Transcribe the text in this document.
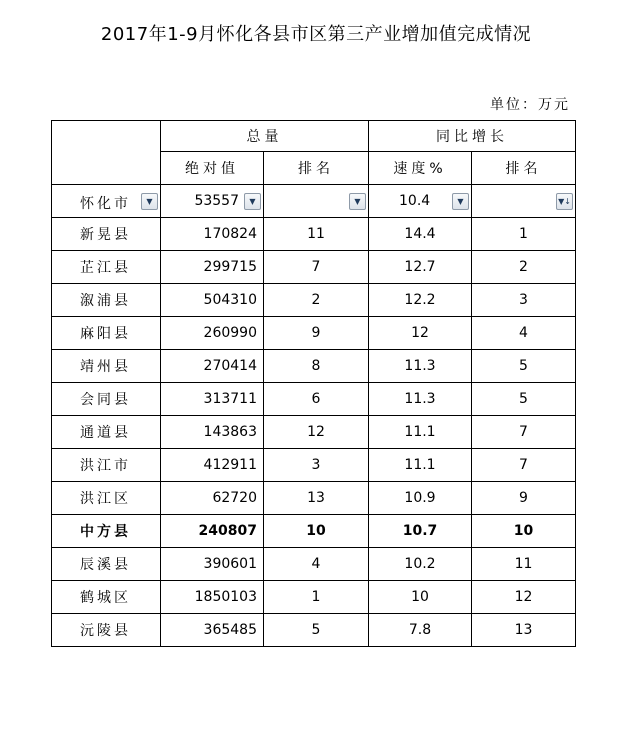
2017年1-9月怀化各县市区第三产业增加值完成情况
单位：万元
	总量		同比增长	
	绝对值	排名	速度%	排名

怀化市 ▼	53557 ▼	▼	10.4 ▼	▼↓

新晃县	170824	11	14.4	1
芷江县	299715	7	12.7	2
溆浦县	504310	2	12.2	3
麻阳县	260990	9	12	4
靖州县	270414	8	11.3	5
会同县	313711	6	11.3	5
通道县	143863	12	11.1	7
洪江市	412911	3	11.1	7
洪江区	62720	13	10.9	9
中方县	240807	10	10.7	10
辰溪县	390601	4	10.2	11
鹤城区	1850103	1	10	12
沅陵县	365485	5	7.8	13
